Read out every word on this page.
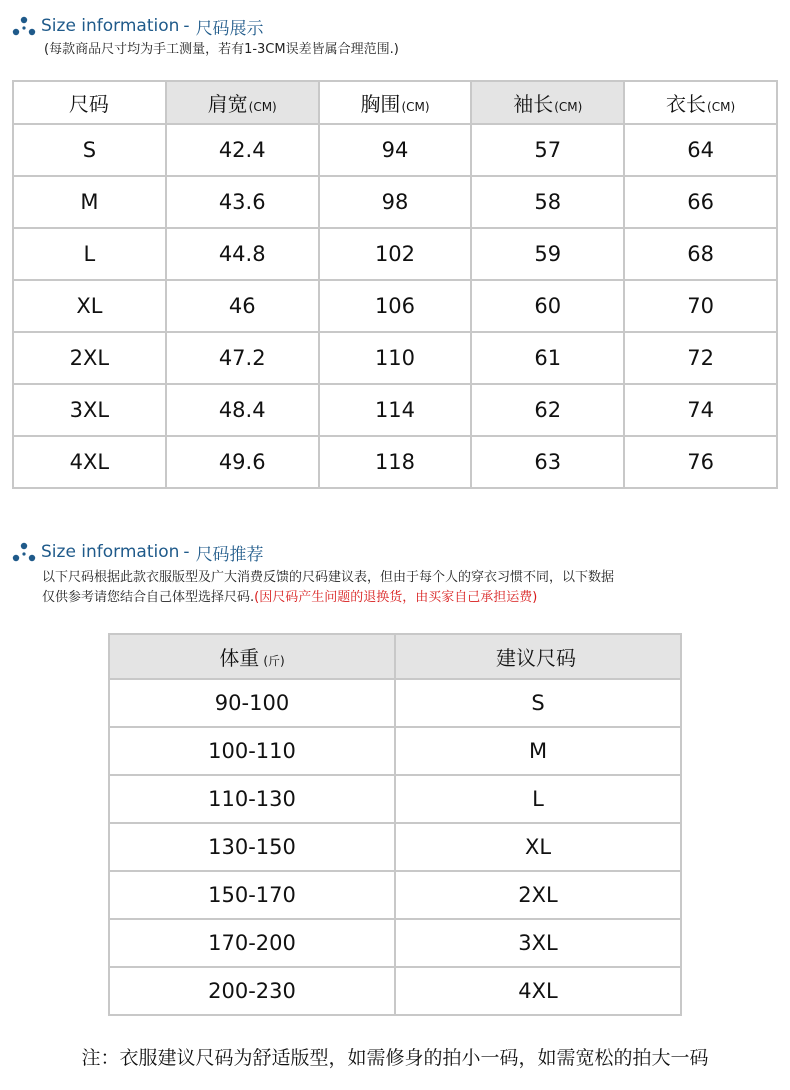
Size information - 尺码展示
(每款商品尺寸均为手工测量，若有1-3CM误差皆属合理范围.)
尺码	肩宽(CM)	胸围(CM)	袖长(CM)	衣长(CM)
S	42.4	94	57	64
M	43.6	98	58	66
L	44.8	102	59	68
XL	46	106	60	70
2XL	47.2	110	61	72
3XL	48.4	114	62	74
4XL	49.6	118	63	76
Size information - 尺码推荐
以下尺码根据此款衣服版型及广大消费反馈的尺码建议表，但由于每个人的穿衣习惯不同，以下数据
仅供参考请您结合自己体型选择尺码.(因尺码产生问题的退换货，由买家自己承担运费)
体重 (斤)	建议尺码
90-100	S
100-110	M
110-130	L
130-150	XL
150-170	2XL
170-200	3XL
200-230	4XL
注：衣服建议尺码为舒适版型，如需修身的拍小一码，如需宽松的拍大一码
